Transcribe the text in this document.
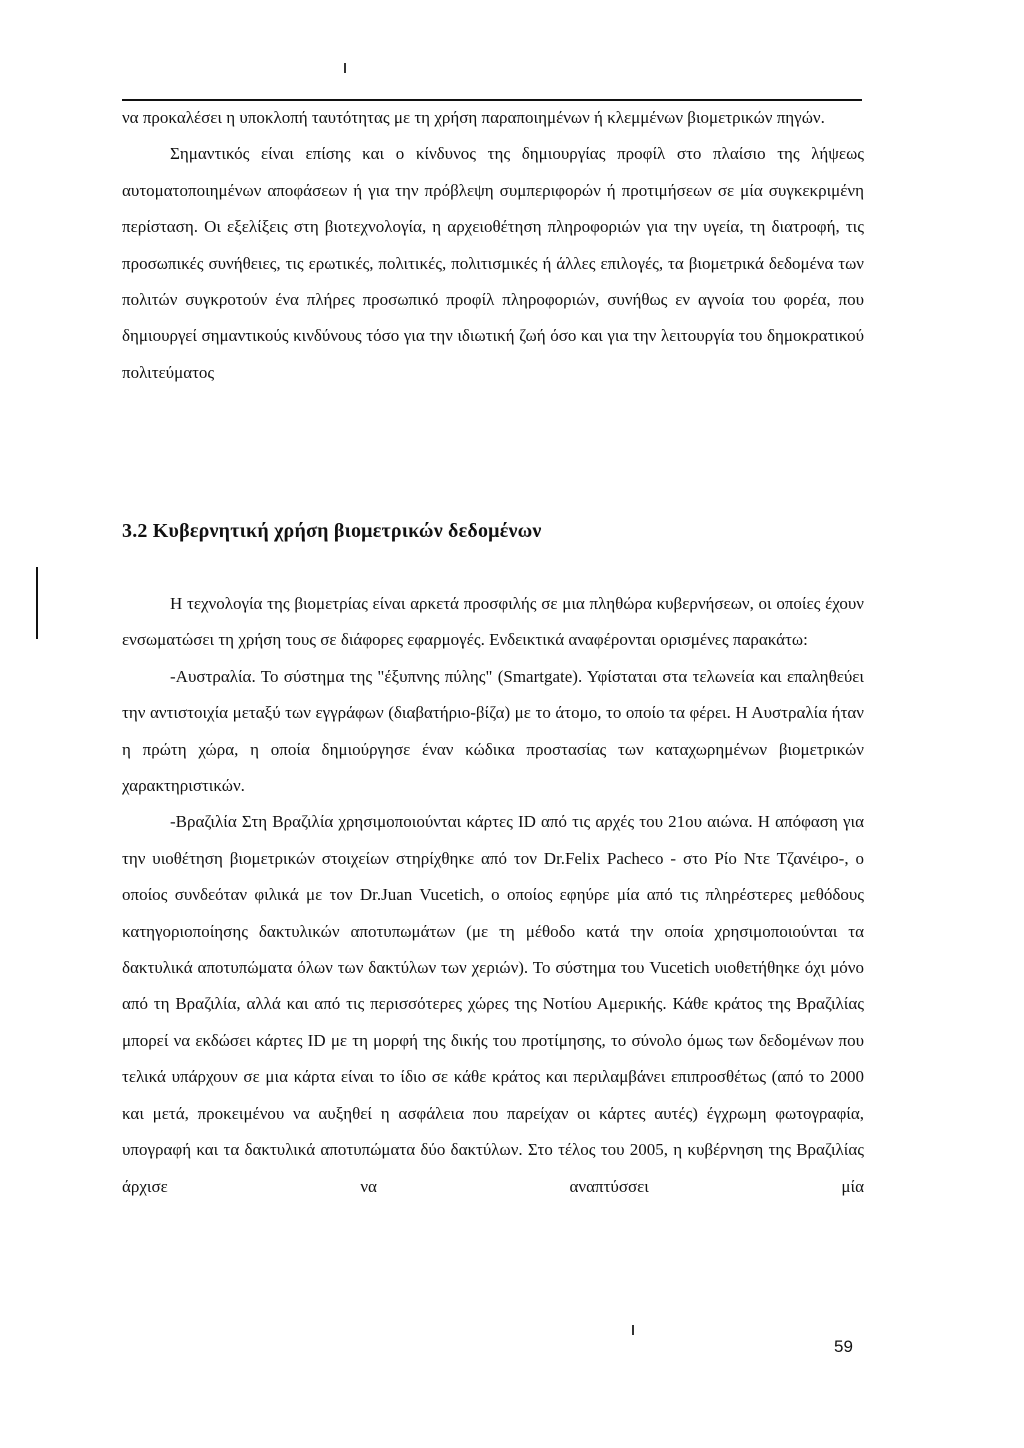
να προκαλέσει η υποκλοπή ταυτότητας με τη χρήση παραποιημένων ή κλεμμένων βιομετρικών πηγών.

Σημαντικός είναι επίσης και ο κίνδυνος της δημιουργίας προφίλ στο πλαίσιο της λήψεως αυτοματοποιημένων αποφάσεων ή για την πρόβλεψη συμπεριφορών ή προτιμήσεων σε μία συγκεκριμένη περίσταση. Οι εξελίξεις στη βιοτεχνολογία, η αρχειοθέτηση πληροφοριών για την υγεία, τη διατροφή, τις προσωπικές συνήθειες, τις ερωτικές, πολιτικές, πολιτισμικές ή άλλες επιλογές, τα βιομετρικά δεδομένα των πολιτών συγκροτούν ένα πλήρες προσωπικό προφίλ πληροφοριών, συνήθως εν αγνοία του φορέα, που δημιουργεί σημαντικούς κινδύνους τόσο για την ιδιωτική ζωή όσο και για την λειτουργία του δημοκρατικού πολιτεύματος

3.2 Κυβερνητική χρήση βιομετρικών δεδομένων

Η τεχνολογία της βιομετρίας είναι αρκετά προσφιλής σε μια πληθώρα κυβερνήσεων, οι οποίες έχουν ενσωματώσει τη χρήση τους σε διάφορες εφαρμογές. Ενδεικτικά αναφέρονται ορισμένες παρακάτω:

-Αυστραλία. Το σύστημα της "έξυπνης πύλης" (Smartgate). Υφίσταται στα τελωνεία και επαληθεύει την αντιστοιχία μεταξύ των εγγράφων (διαβατήριο-βίζα) με το άτομο, το οποίο τα φέρει. Η Αυστραλία ήταν η πρώτη χώρα, η οποία δημιούργησε έναν κώδικα προστασίας των καταχωρημένων βιομετρικών χαρακτηριστικών.

-Βραζιλία Στη Βραζιλία χρησιμοποιούνται κάρτες ID από τις αρχές του 21ου αιώνα. Η απόφαση για την υιοθέτηση βιομετρικών στοιχείων στηρίχθηκε από τον Dr.Felix Pacheco - στο Ρίο Ντε Τζανέιρο-, ο οποίος συνδεόταν φιλικά με τον Dr.Juan Vucetich, ο οποίος εφηύρε μία από τις πληρέστερες μεθόδους κατηγοριοποίησης δακτυλικών αποτυπωμάτων (με τη μέθοδο κατά την οποία χρησιμοποιούνται τα δακτυλικά αποτυπώματα όλων των δακτύλων των χεριών). Το σύστημα του Vucetich υιοθετήθηκε όχι μόνο από τη Βραζιλία, αλλά και από τις περισσότερες χώρες της Νοτίου Αμερικής. Κάθε κράτος της Βραζιλίας μπορεί να εκδώσει κάρτες ID με τη μορφή της δικής του προτίμησης, το σύνολο όμως των δεδομένων που τελικά υπάρχουν σε μια κάρτα είναι το ίδιο σε κάθε κράτος και περιλαμβάνει επιπροσθέτως (από το 2000 και μετά, προκειμένου να αυξηθεί η ασφάλεια που παρείχαν οι κάρτες αυτές) έγχρωμη φωτογραφία, υπογραφή και τα δακτυλικά αποτυπώματα δύο δακτύλων. Στο τέλος του 2005, η κυβέρνηση της Βραζιλίας άρχισε να αναπτύσσει μία

59
